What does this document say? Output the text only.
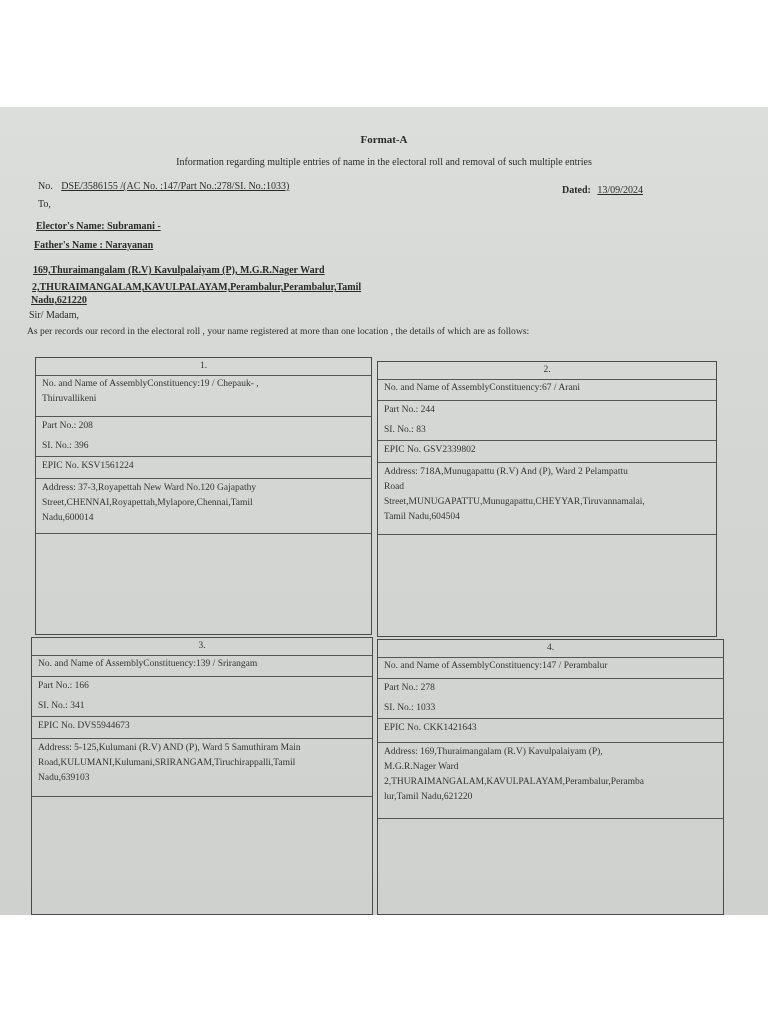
Format-A
Information regarding multiple entries of name in the electoral roll and removal of such multiple entries
No. DSE/3586155 /(AC No. :147/Part No.:278/SI. No.:1033)	Dated: 13/09/2024
To,
Elector's Name: Subramani -
Father's Name : Narayanan
169,Thuraimangalam (R.V) Kavulpalaiyam (P), M.G.R.Nager Ward
2,THURAIMANGALAM,KAVULPALAYAM,Perambalur,Perambalur,Tamil
Nadu,621220
Sir/ Madam,
As per records our record in the electoral roll , your name registered at more than one location , the details of which are as follows:
1.
No. and Name of AssemblyConstituency:19 / Chepauk- ,
Thiruvallikeni
Part No.: 208
SI. No.: 396
EPIC No. KSV1561224
Address: 37-3,Royapettah New Ward No.120 Gajapathy
Street,CHENNAI,Royapettah,Mylapore,Chennai,Tamil
Nadu,600014
2.
No. and Name of AssemblyConstituency:67 / Arani
Part No.: 244
SI. No.: 83
EPIC No. GSV2339802
Address: 718A,Munugapattu (R.V) And (P), Ward 2 Pelampattu
Road
Street,MUNUGAPATTU,Munugapattu,CHEYYAR,Tiruvannamalai,
Tamil Nadu,604504
3.
No. and Name of AssemblyConstituency:139 / Srirangam
Part No.: 166
SI. No.: 341
EPIC No. DVS5944673
Address: 5-125,Kulumani (R.V) AND (P), Ward 5 Samuthiram Main
Road,KULUMANI,Kulumani,SRIRANGAM,Tiruchirappalli,Tamil
Nadu,639103
4.
No. and Name of AssemblyConstituency:147 / Perambalur
Part No.: 278
SI. No.: 1033
EPIC No. CKK1421643
Address: 169,Thuraimangalam (R.V) Kavulpalaiyam (P),
M.G.R.Nager Ward
2,THURAIMANGALAM,KAVULPALAYAM,Perambalur,Peramba
lur,Tamil Nadu,621220
